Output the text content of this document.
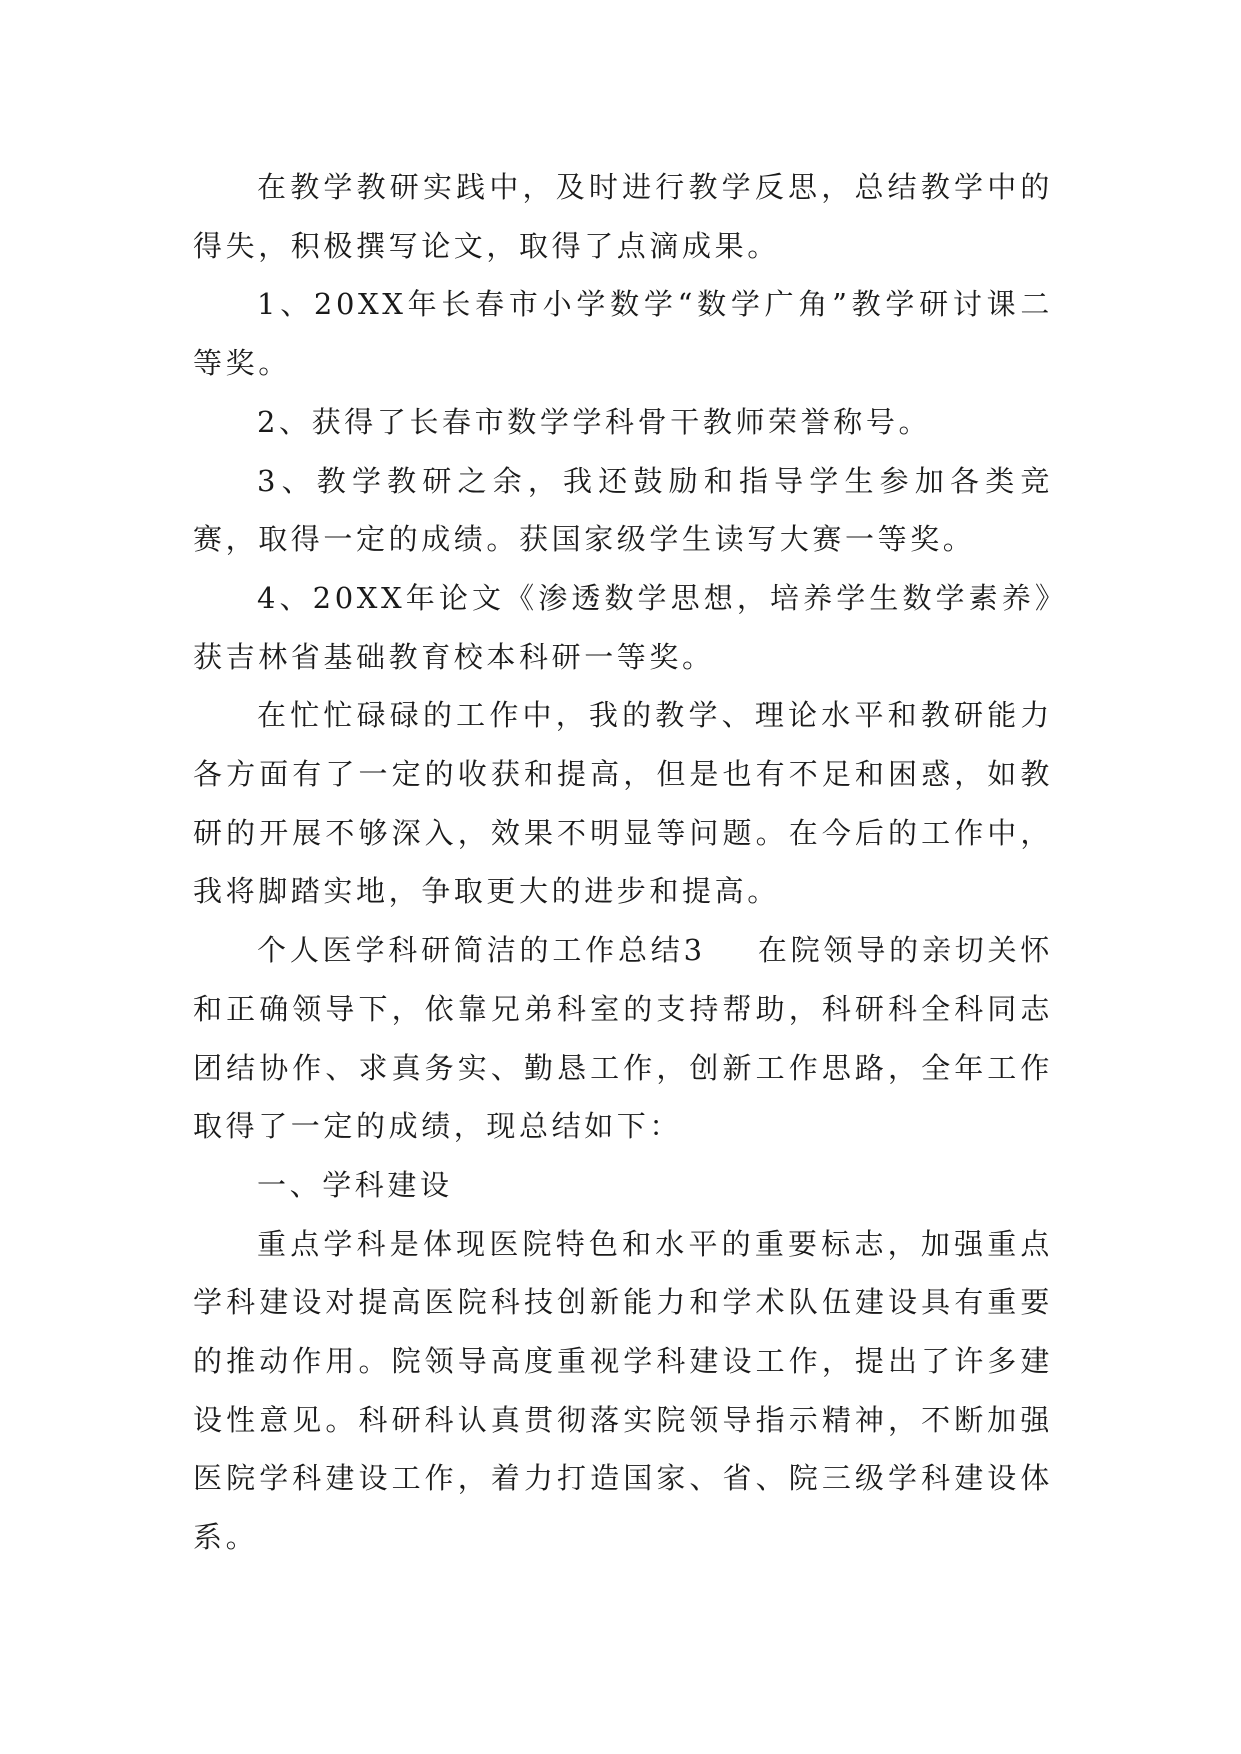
在教学教研实践中，及时进行教学反思，总结教学中的得失，积极撰写论文，取得了点滴成果。

1、20XX年长春市小学数学“数学广角”教学研讨课二等奖。

2、获得了长春市数学学科骨干教师荣誉称号。

3、教学教研之余，我还鼓励和指导学生参加各类竞赛，取得一定的成绩。获国家级学生读写大赛一等奖。

4、20XX年论文《渗透数学思想，培养学生数学素养》获吉林省基础教育校本科研一等奖。

在忙忙碌碌的工作中，我的教学、理论水平和教研能力各方面有了一定的收获和提高，但是也有不足和困惑，如教研的开展不够深入，效果不明显等问题。在今后的工作中，我将脚踏实地，争取更大的进步和提高。

个人医学科研简洁的工作总结3 在院领导的亲切关怀和正确领导下，依靠兄弟科室的支持帮助，科研科全科同志团结协作、求真务实、勤恳工作，创新工作思路，全年工作取得了一定的成绩，现总结如下：

一、学科建设

重点学科是体现医院特色和水平的重要标志，加强重点学科建设对提高医院科技创新能力和学术队伍建设具有重要的推动作用。院领导高度重视学科建设工作，提出了许多建设性意见。科研科认真贯彻落实院领导指示精神，不断加强医院学科建设工作，着力打造国家、省、院三级学科建设体系。
